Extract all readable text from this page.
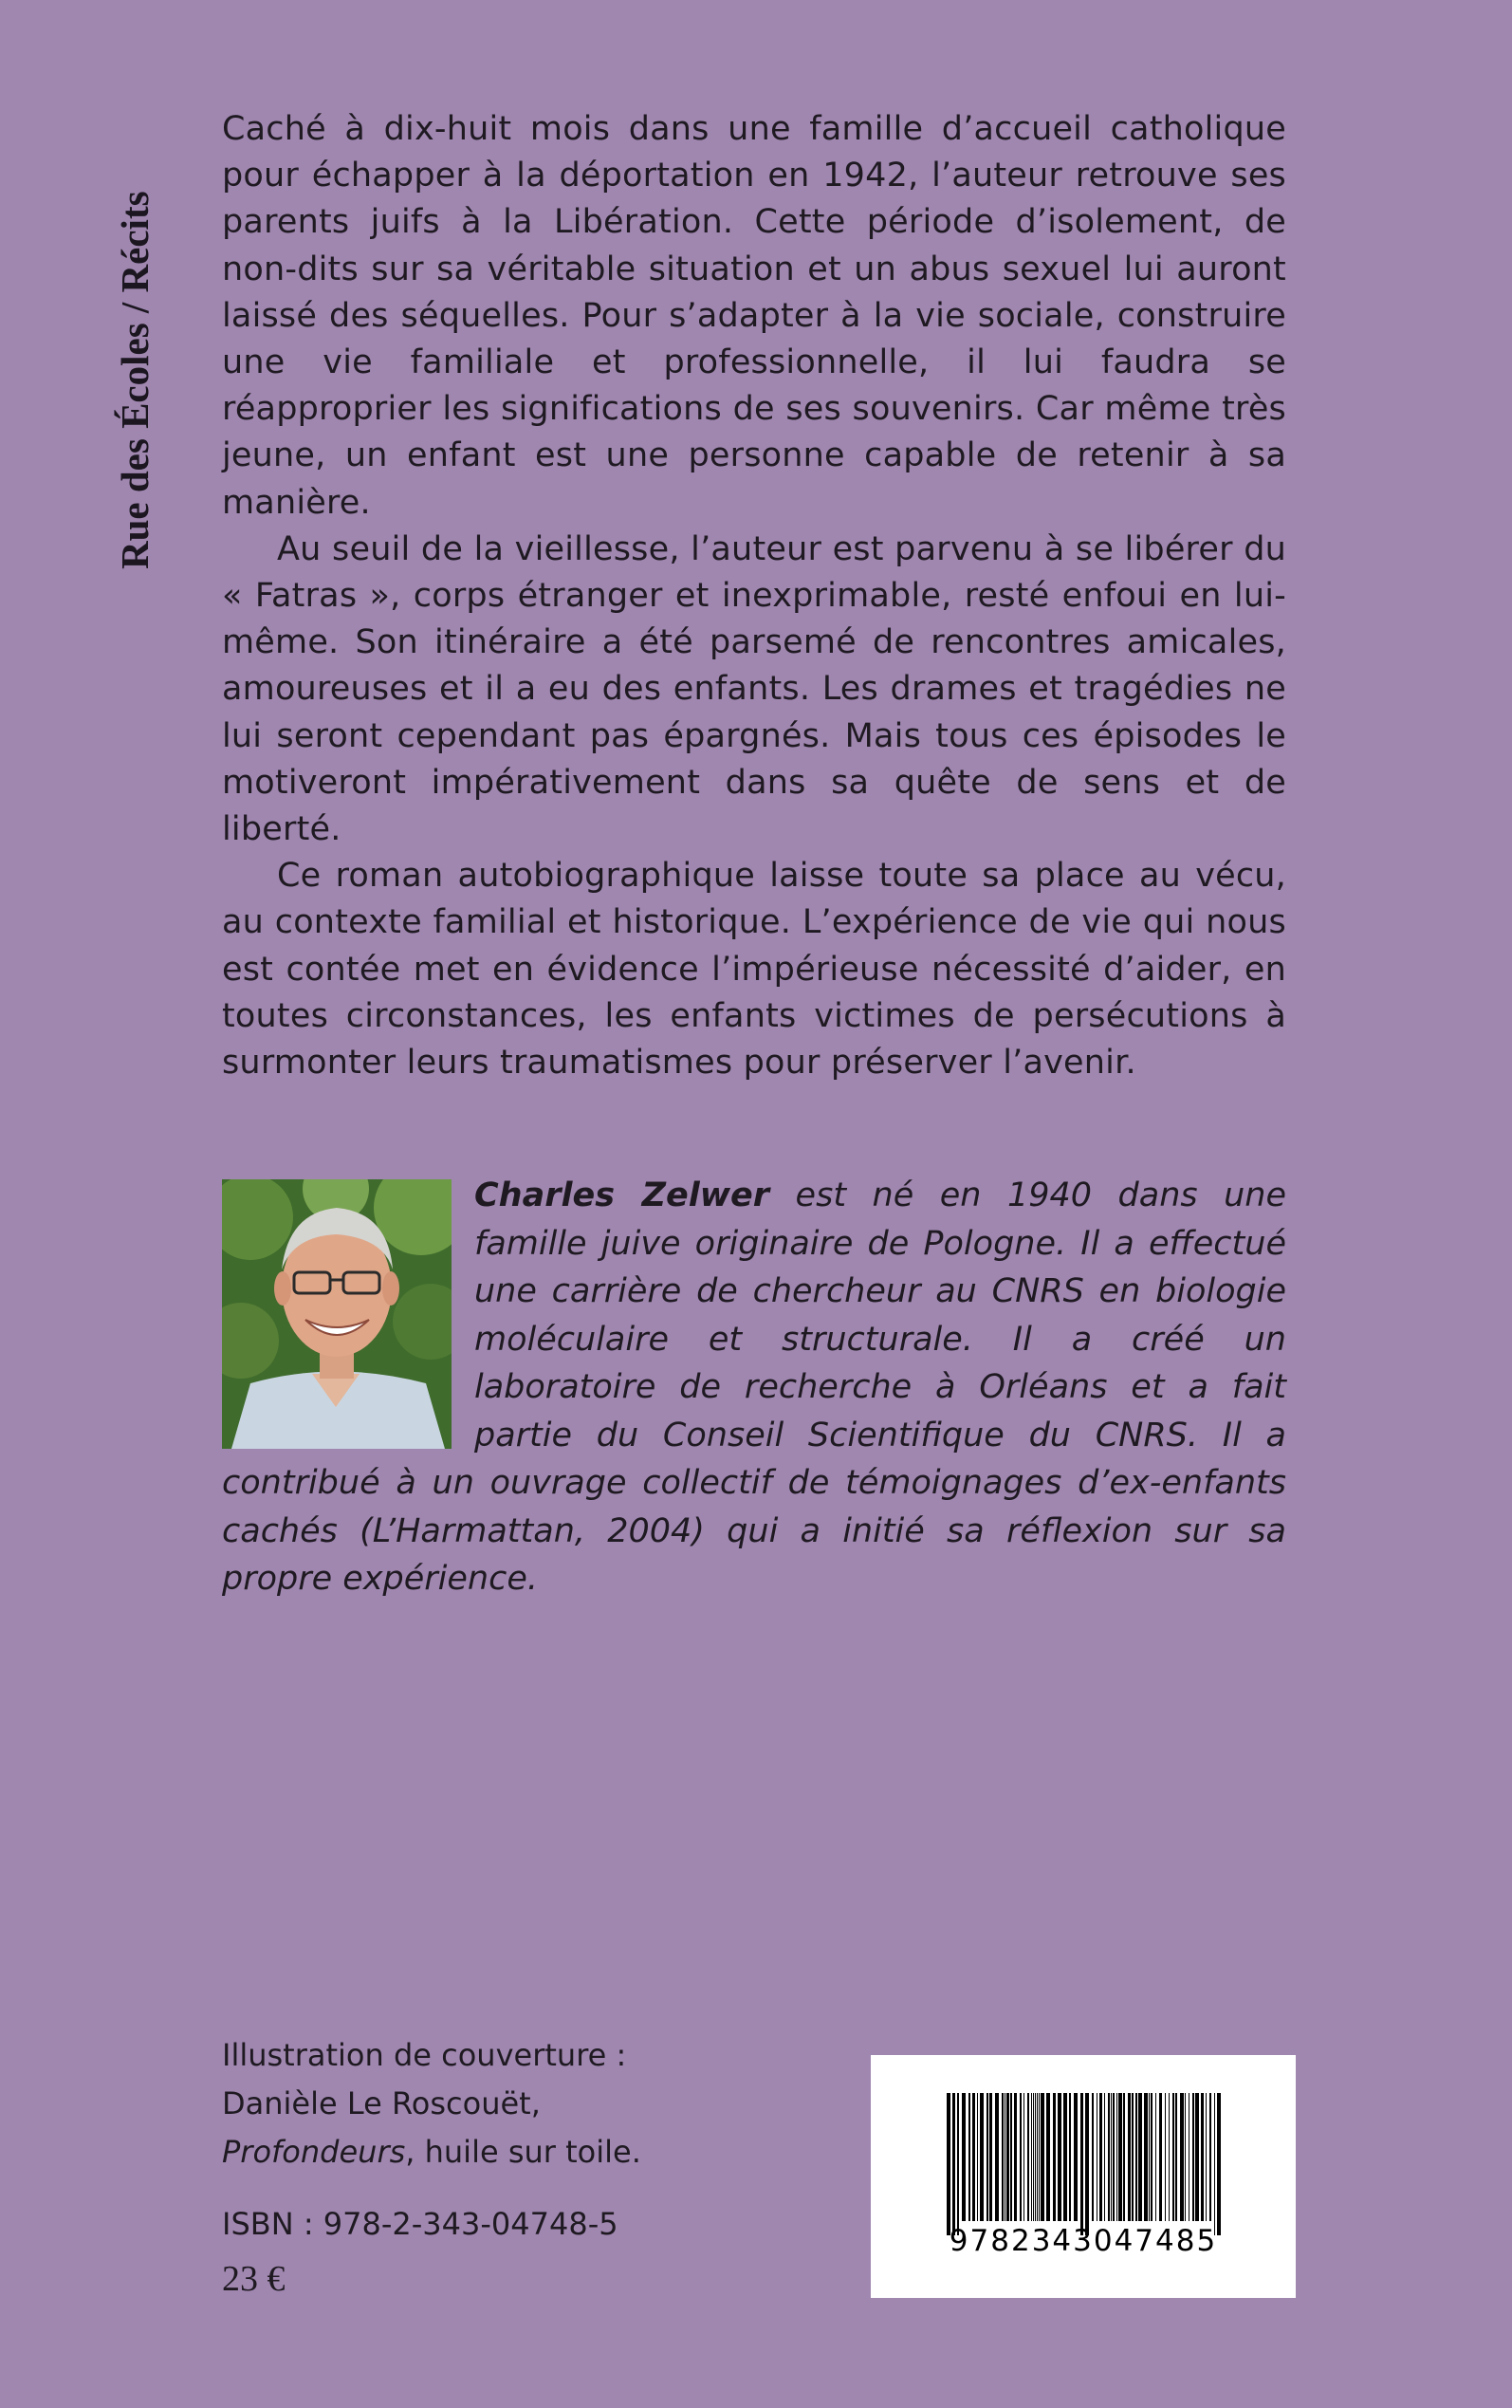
Rue des Écoles / Récits

Caché à dix-huit mois dans une famille d’accueil catholique pour échapper à la déportation en 1942, l’auteur retrouve ses parents juifs à la Libération. Cette période d’isolement, de non-dits sur sa véritable situation et un abus sexuel lui auront laissé des séquelles. Pour s’adapter à la vie sociale, construire une vie familiale et professionnelle, il lui faudra se réapproprier les significations de ses souvenirs. Car même très jeune, un enfant est une personne capable de retenir à sa manière.

Au seuil de la vieillesse, l’auteur est parvenu à se libérer du « Fatras », corps étranger et inexprimable, resté enfoui en lui-même. Son itinéraire a été parsemé de rencontres amicales, amoureuses et il a eu des enfants. Les drames et tragédies ne lui seront cependant pas épargnés. Mais tous ces épisodes le motiveront impérativement dans sa quête de sens et de liberté.

Ce roman autobiographique laisse toute sa place au vécu, au contexte familial et historique. L’expérience de vie qui nous est contée met en évidence l’impérieuse nécessité d’aider, en toutes circonstances, les enfants victimes de persécutions à surmonter leurs traumatismes pour préserver l’avenir.

Charles Zelwer est né en 1940 dans une famille juive originaire de Pologne. Il a effectué une carrière de chercheur au CNRS en biologie moléculaire et structurale. Il a créé un laboratoire de recherche à Orléans et a fait partie du Conseil Scientifique du CNRS. Il a contribué à un ouvrage collectif de témoignages d’ex-enfants cachés (L’Harmattan, 2004) qui a initié sa réflexion sur sa propre expérience.
Illustration de couverture :
Danièle Le Roscouët,
Profondeurs, huile sur toile.
ISBN : 978-2-343-04748-5
23 €
9782343047485
